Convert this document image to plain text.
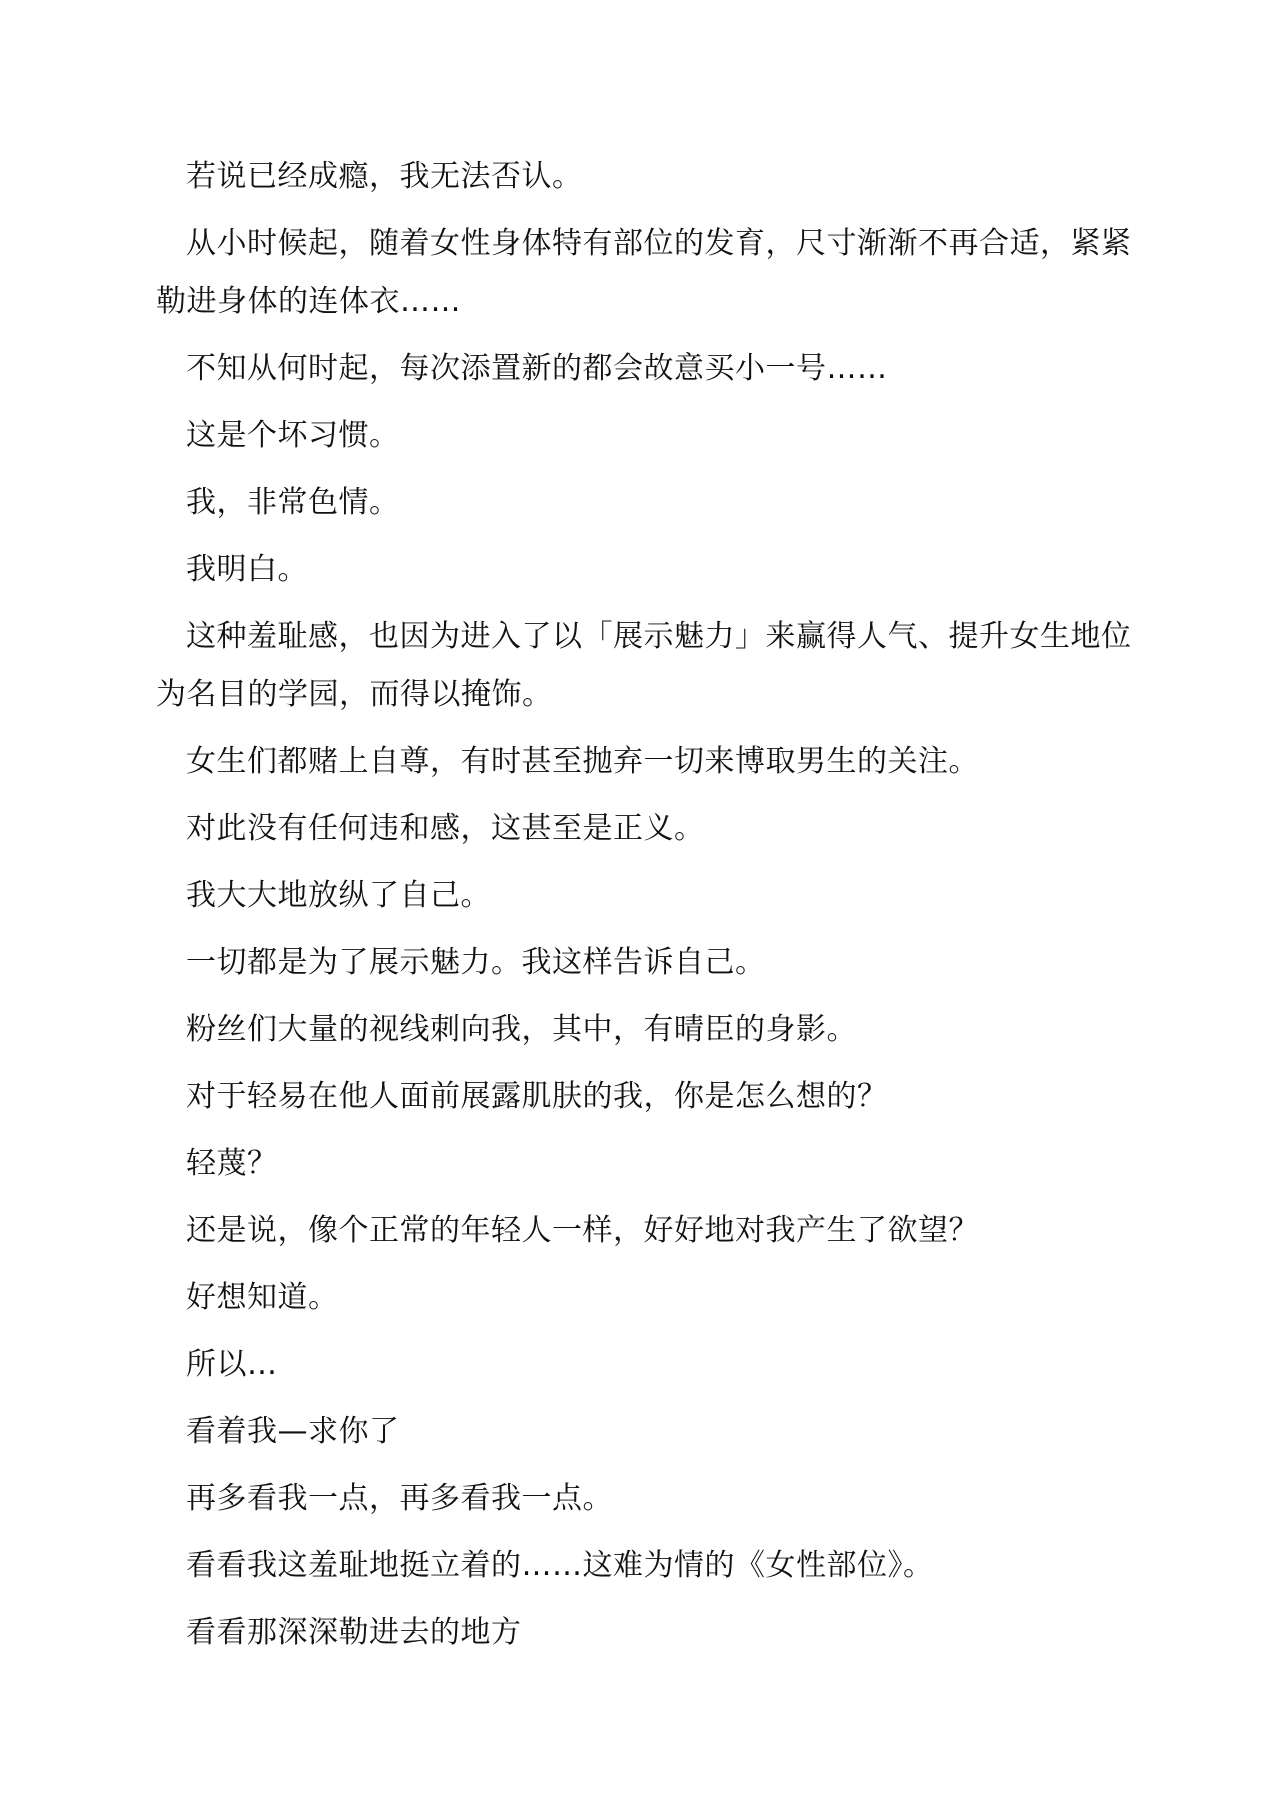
若说已经成瘾，我无法否认。

从小时候起，随着女性身体特有部位的发育，尺寸渐渐不再合适，紧紧勒进身体的连体衣……

不知从何时起，每次添置新的都会故意买小一号……

这是个坏习惯。

我，非常色情。

我明白。

这种羞耻感，也因为进入了以「展示魅力」来赢得人气、提升女生地位为名目的学园，而得以掩饰。

女生们都赌上自尊，有时甚至抛弃一切来博取男生的关注。

对此没有任何违和感，这甚至是正义。

我大大地放纵了自己。

一切都是为了展示魅力。我这样告诉自己。

粉丝们大量的视线刺向我，其中，有晴臣的身影。

对于轻易在他人面前展露肌肤的我，你是怎么想的？

轻蔑？

还是说，像个正常的年轻人一样，好好地对我产生了欲望？

好想知道。

所以…

看着我—求你了

再多看我一点，再多看我一点。

看看我这羞耻地挺立着的……这难为情的《女性部位》。

看看那深深勒进去的地方
